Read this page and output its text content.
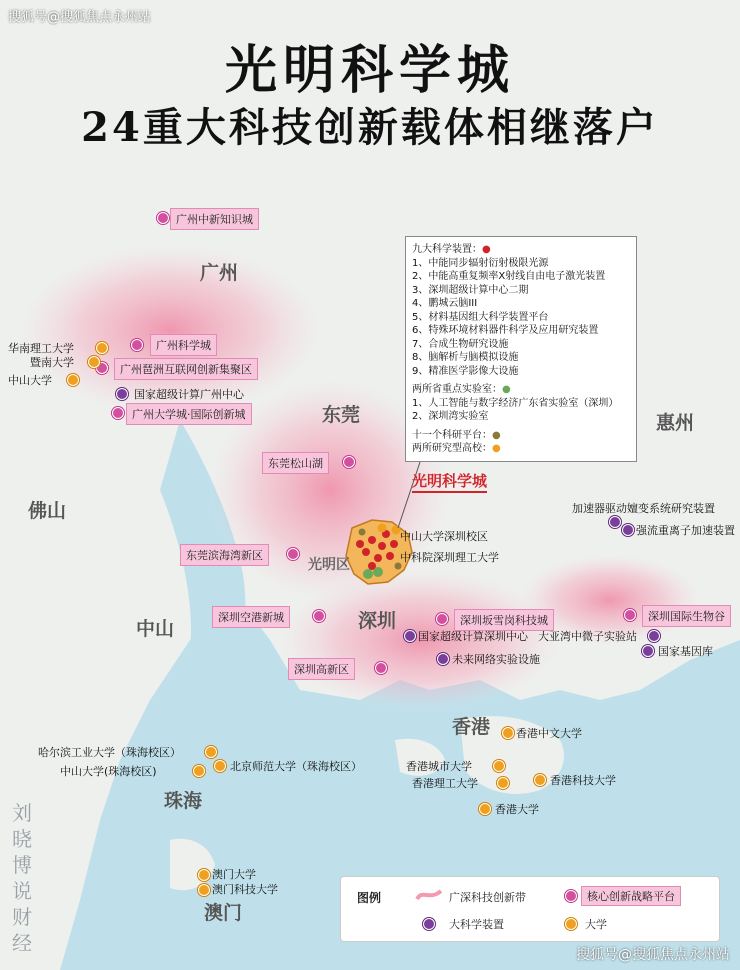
搜狐号@搜狐焦点永州站
光明科学城
24重大科技创新载体相继落户
广州
东莞	惠州
佛山
中山	深圳
光明区
香港
珠海
澳门
广州中新知识城
广州科学城
广州琶洲互联网创新集聚区
广州大学城·国际创新城
东莞松山湖
东莞滨海湾新区
深圳空港新城
深圳高新区
深圳坂雪岗科技城	深圳国际生物谷
国家超级计算广州中心
国家超级计算深圳中心
未来网络实验设施
大亚湾中微子实验站
国家基因库
加速器驱动嬗变系统研究装置
强流重离子加速装置
华南理工大学
暨南大学
中山大学
中山大学深圳校区
中科院深圳理工大学
哈尔滨工业大学（珠海校区）
中山大学(珠海校区)	北京师范大学（珠海校区）
香港中文大学
香港城市大学
香港理工大学	香港科技大学
香港大学
澳门大学
澳门科技大学
九大科学装置：●
1、中能同步辐射衍射极限光源
2、中能高重复频率X射线自由电子激光装置
3、深圳超级计算中心二期
4、鹏城云脑III
5、材料基因组大科学装置平台
6、特殊环境材料器件科学及应用研究装置
7、合成生物研究设施
8、脑解析与脑模拟设施
9、精准医学影像大设施
两所省重点实验室：●
1、人工智能与数字经济广东省实验室（深圳）
2、深圳湾实验室
十一个科研平台：●
两所研究型高校：●
光明科学城
刘晓博说财经
图例	广深科技创新带	核心创新战略平台
大科学装置	大学
搜狐号@搜狐焦点永州站
